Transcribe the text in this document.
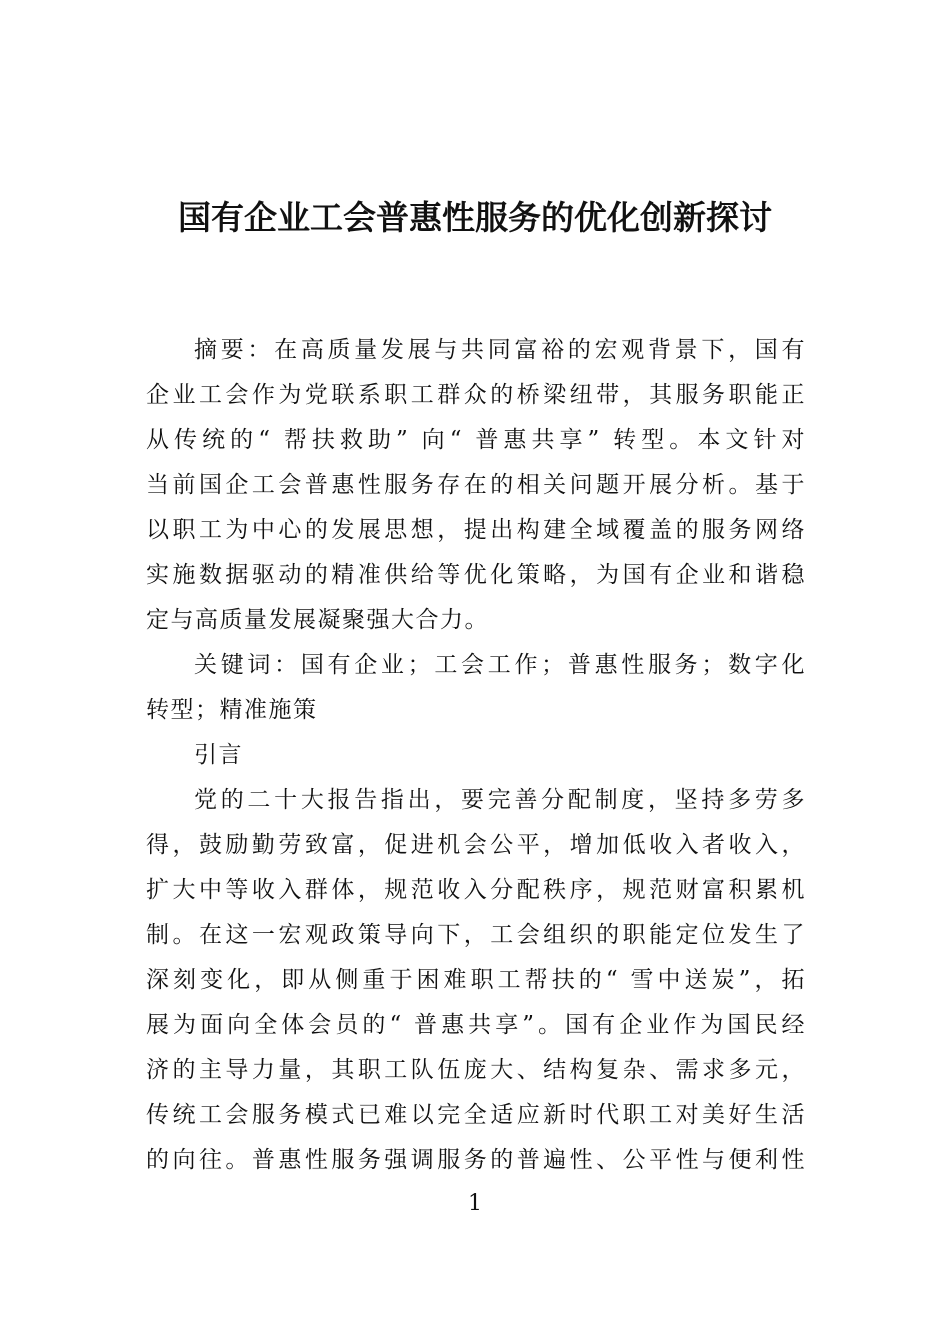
国有企业工会普惠性服务的优化创新探讨
摘要：在高质量发展与共同富裕的宏观背景下，国有
企业工会作为党联系职工群众的桥梁纽带，其服务职能正
从传统的“ 帮扶救助” 向“ 普惠共享” 转型。本文针对
当前国企工会普惠性服务存在的相关问题开展分析。基于
以职工为中心的发展思想，提出构建全域覆盖的服务网络
实施数据驱动的精准供给等优化策略，为国有企业和谐稳
定与高质量发展凝聚强大合力。
关键词：国有企业；工会工作；普惠性服务；数字化
转型；精准施策
引言
党的二十大报告指出，要完善分配制度，坚持多劳多
得，鼓励勤劳致富，促进机会公平，增加低收入者收入，
扩大中等收入群体，规范收入分配秩序，规范财富积累机
制。在这一宏观政策导向下，工会组织的职能定位发生了
深刻变化，即从侧重于困难职工帮扶的“ 雪中送炭”，拓
展为面向全体会员的“ 普惠共享”。国有企业作为国民经
济的主导力量，其职工队伍庞大、结构复杂、需求多元，
传统工会服务模式已难以完全适应新时代职工对美好生活
的向往。普惠性服务强调服务的普遍性、公平性与便利性
1
